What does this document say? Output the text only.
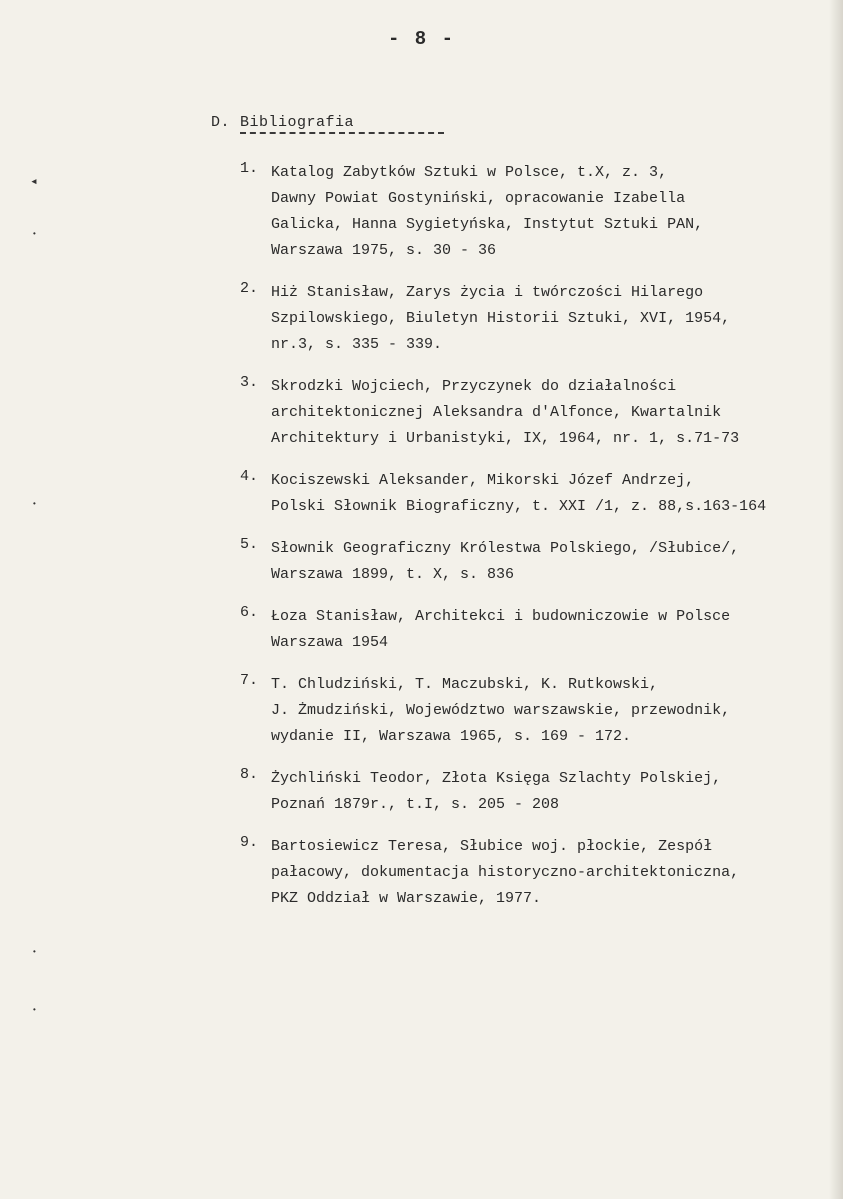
- 8 -
D. Bibliografia
1. Katalog Zabytków Sztuki w Polsce, t.X, z. 3,
Dawny Powiat Gostyniński, opracowanie Izabella
Galicka, Hanna Sygietyńska, Instytut Sztuki PAN,
Warszawa 1975, s. 30 - 36
2. Hiż Stanisław, Zarys życia i twórczości Hilarego
Szpilowskiego, Biuletyn Historii Sztuki, XVI, 1954,
nr.3, s. 335 - 339.
3. Skrodzki Wojciech, Przyczynek do działalności
architektonicznej Aleksandra d'Alfonce, Kwartalnik
Architektury i Urbanistyki, IX, 1964, nr. 1, s.71-73
4. Kociszewski Aleksander, Mikorski Józef Andrzej,
Polski Słownik Biograficzny, t. XXI /1, z. 88,s.163-164
5. Słownik Geograficzny Królestwa Polskiego, /Słubice/,
Warszawa 1899, t. X, s. 836
6. Łoza Stanisław, Architekci i budowniczowie w Polsce
Warszawa 1954
7. T. Chludziński, T. Maczubski, K. Rutkowski,
J. Żmudziński, Województwo warszawskie, przewodnik,
wydanie II, Warszawa 1965, s. 169 - 172.
8. Żychliński Teodor, Złota Księga Szlachty Polskiej,
Poznań 1879r., t.I, s. 205 - 208
9. Bartosiewicz Teresa, Słubice woj. płockie, Zespół
pałacowy, dokumentacja historyczno-architektoniczna,
PKZ Oddział w Warszawie, 1977.
◂
•
•
•
•
